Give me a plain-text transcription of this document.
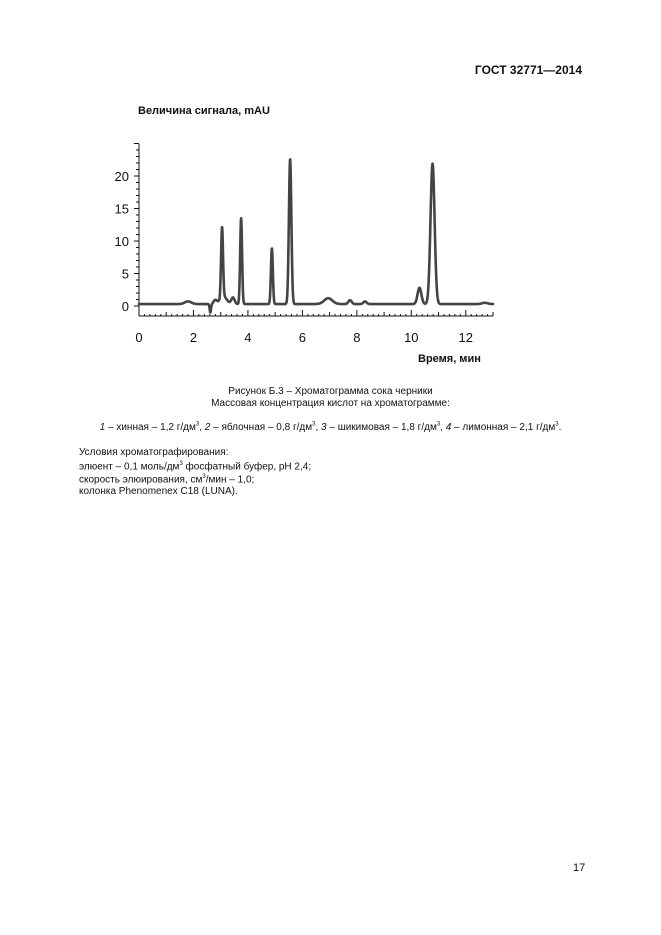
ГОСТ 32771—2014
Величина сигнала, mAU
0
5
10
15
20
0	2	4	6	8	10	12
Время, мин
Рисунок Б.3 – Хроматограмма сока черники
Массовая концентрация кислот на хроматограмме:
1 – хинная – 1,2 $г/дм^3$, 2 – яблочная – 0,8 $г/дм^3$, 3 – шикимовая – 1,8 $г/дм^3$, 4 – лимонная – 2,1 $г/дм^3$.
Условия хроматографирования:
элюент – 0,1 моль/$дм^3$ фосфатный буфер, pH 2,4;
скорость элюирования, $см^3$/мин – 1,0;
колонка Phenomenex C18 (LUNA).
17
